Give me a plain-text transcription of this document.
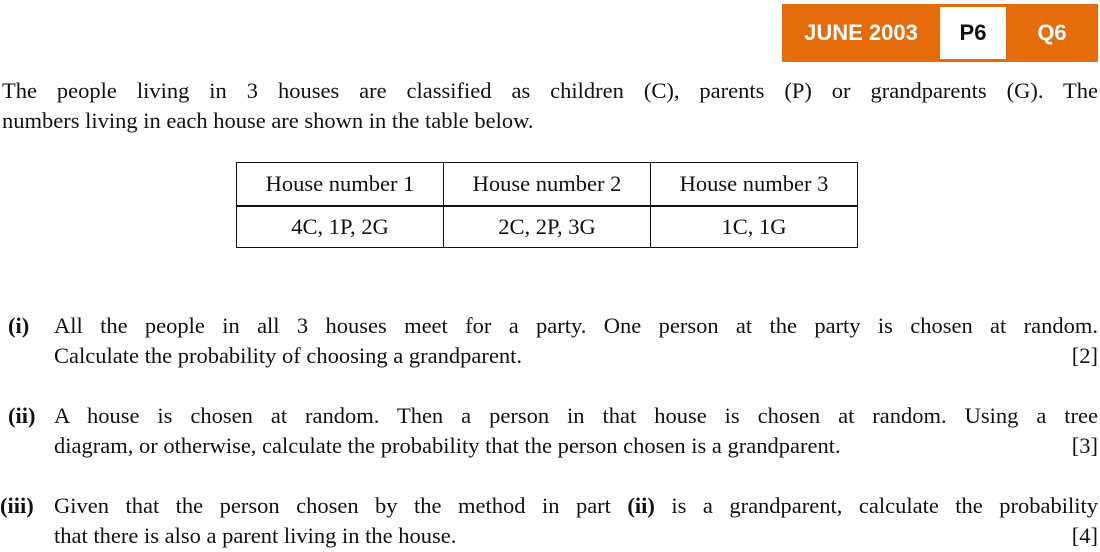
JUNE 2003	P6	Q6

The people living in 3 houses are classified as children (C), parents (P) or grandparents (G). The
numbers living in each house are shown in the table below.

House number 1	House number 2	House number 3
4C, 1P, 2G	2C, 2P, 3G	1C, 1G
(i) All the people in all 3 houses meet for a party. One person at the party is chosen at random.
Calculate the probability of choosing a grandparent.	[2]
(ii) A house is chosen at random. Then a person in that house is chosen at random. Using a tree
diagram, or otherwise, calculate the probability that the person chosen is a grandparent.	[3]
(iii) Given that the person chosen by the method in part (ii) is a grandparent, calculate the probability
that there is also a parent living in the house.	[4]
